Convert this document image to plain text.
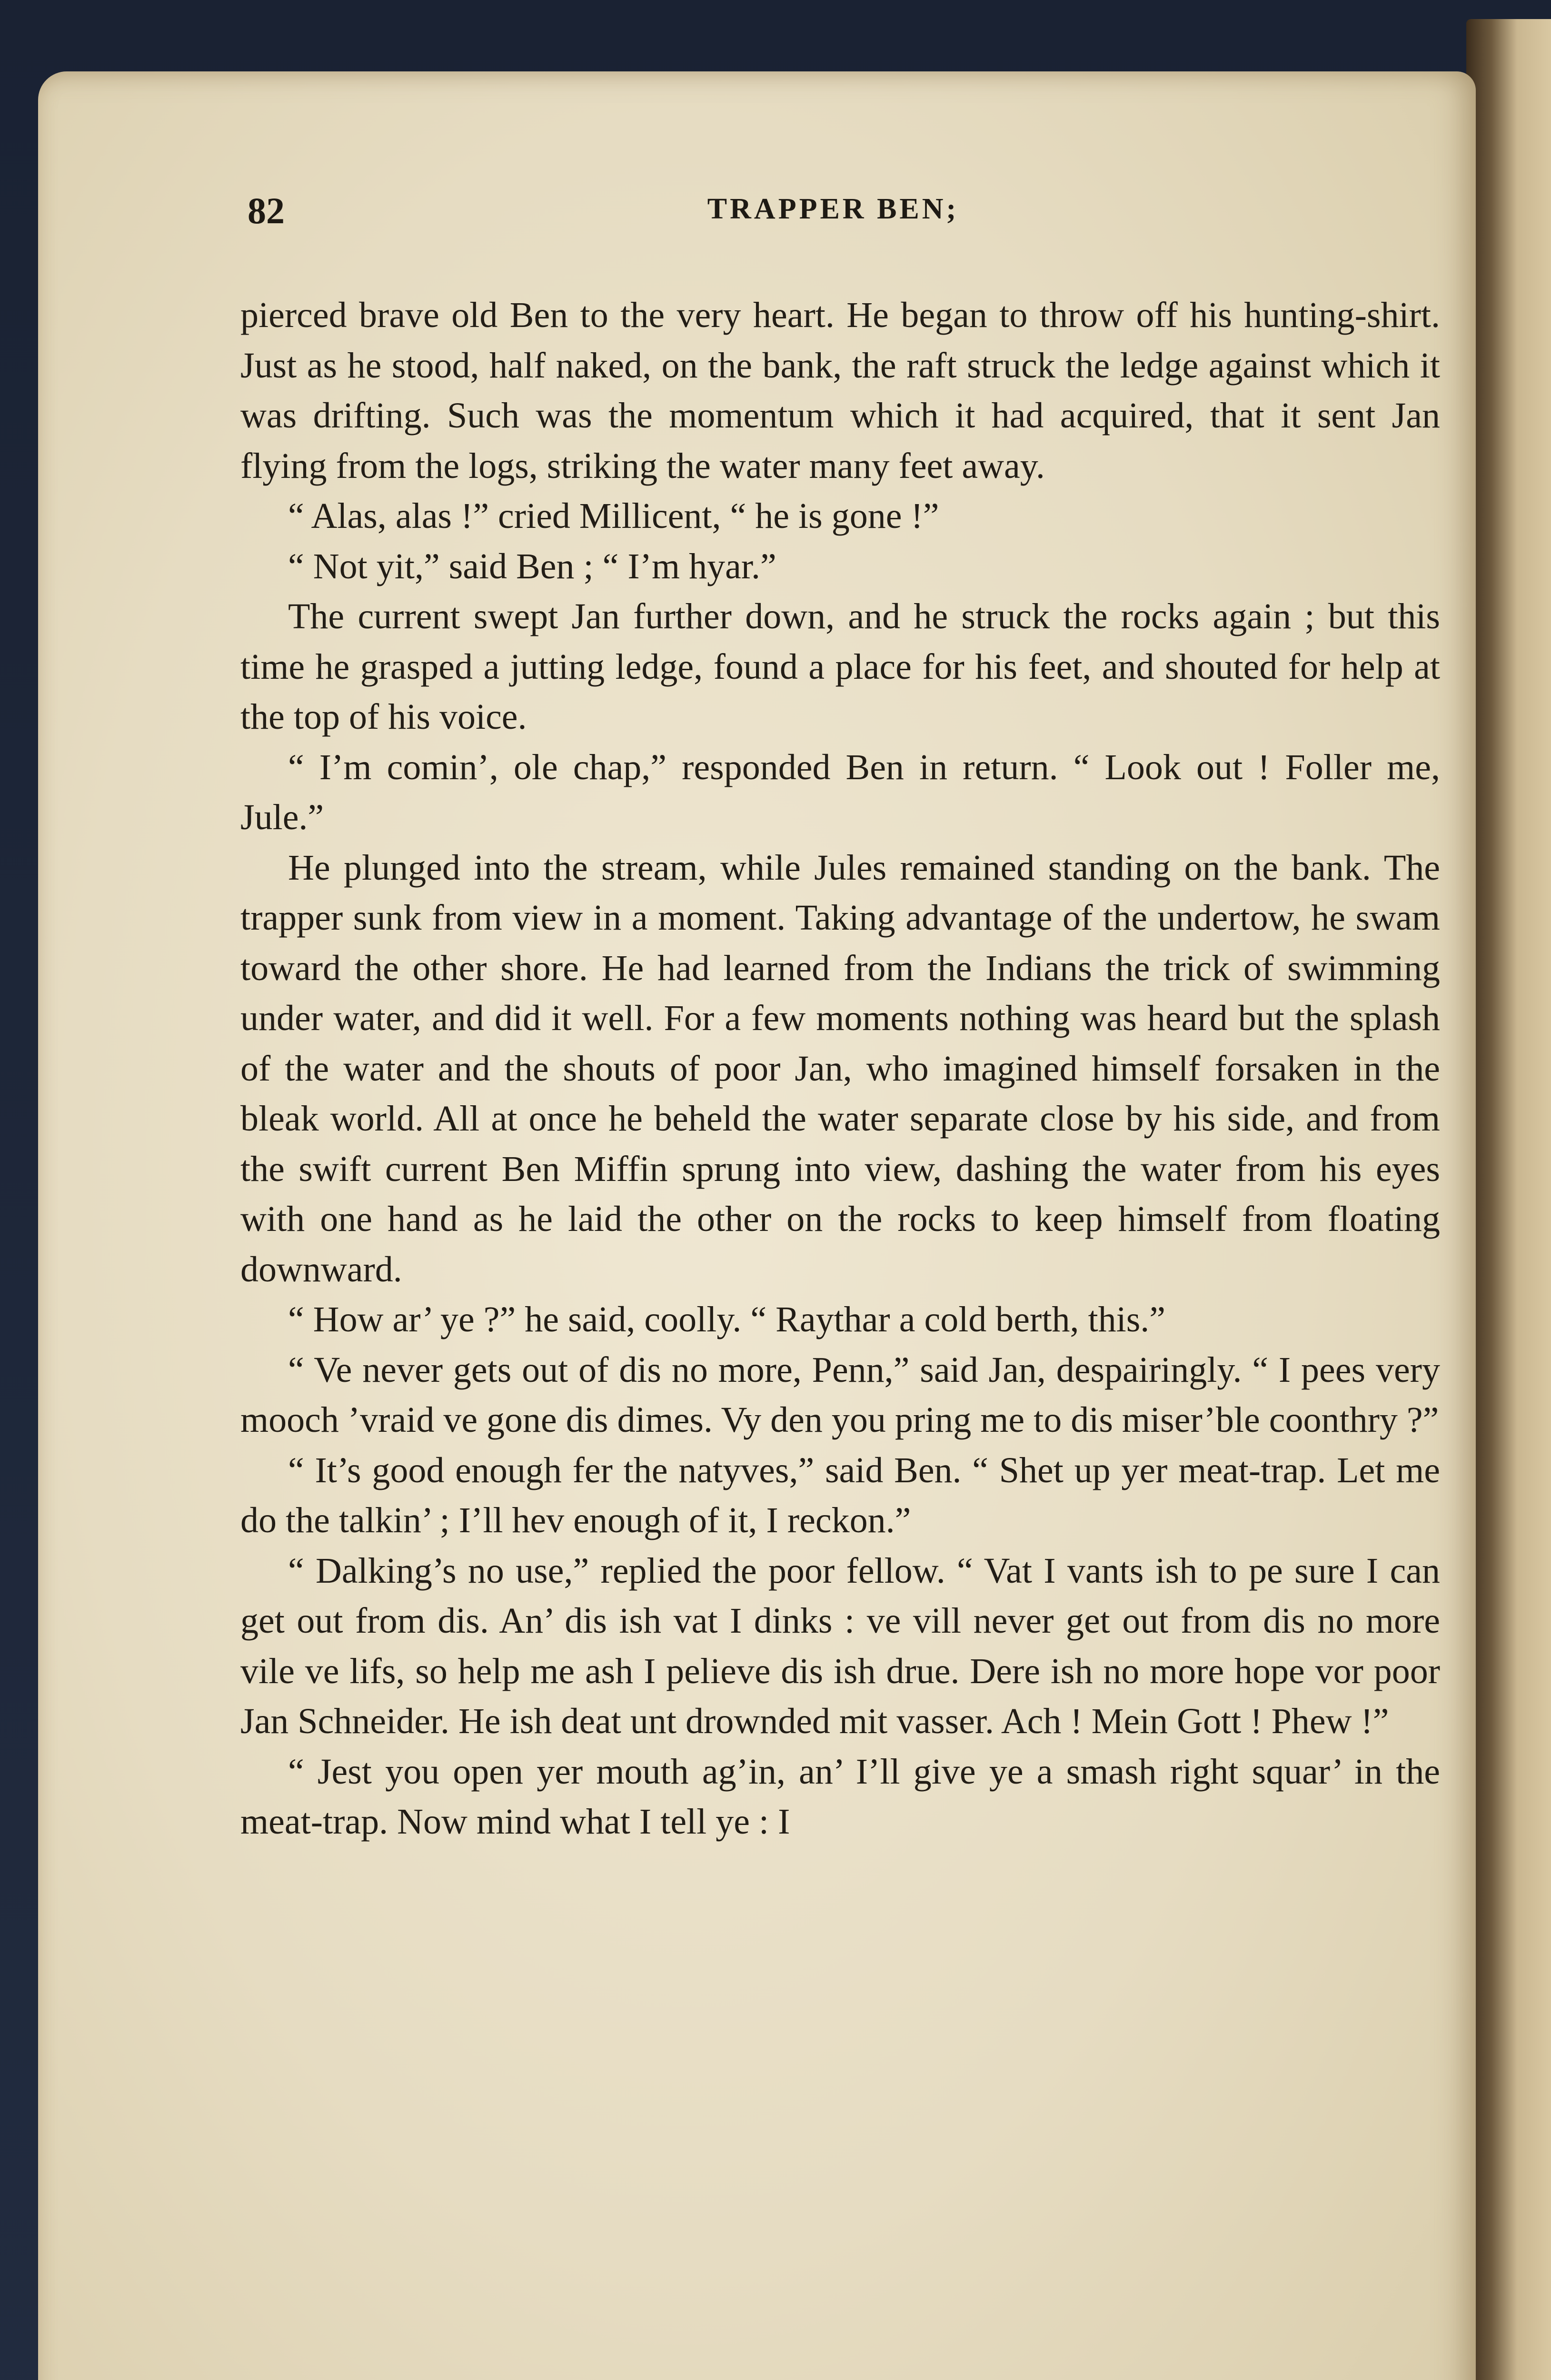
82	TRAPPER BEN;

pierced brave old Ben to the very heart. He began to throw off his hunting-shirt. Just as he stood, half naked, on the bank, the raft struck the ledge against which it was drifting. Such was the momentum which it had acquired, that it sent Jan flying from the logs, striking the water many feet away.

“ Alas, alas !” cried Millicent, “ he is gone !”

“ Not yit,” said Ben ; “ I’m hyar.”

The current swept Jan further down, and he struck the rocks again ; but this time he grasped a jutting ledge, found a place for his feet, and shouted for help at the top of his voice.

“ I’m comin’, ole chap,” responded Ben in return. “ Look out ! Foller me, Jule.”

He plunged into the stream, while Jules remained standing on the bank. The trapper sunk from view in a moment. Taking advantage of the undertow, he swam toward the other shore. He had learned from the Indians the trick of swimming under water, and did it well. For a few moments nothing was heard but the splash of the water and the shouts of poor Jan, who imagined himself forsaken in the bleak world. All at once he beheld the water separate close by his side, and from the swift current Ben Miffin sprung into view, dashing the water from his eyes with one hand as he laid the other on the rocks to keep himself from floating downward.

“ How ar’ ye ?” he said, coolly. “ Raythar a cold berth, this.”

“ Ve never gets out of dis no more, Penn,” said Jan, despairingly. “ I pees very mooch ’vraid ve gone dis dimes. Vy den you pring me to dis miser’ble coonthry ?”

“ It’s good enough fer the natyves,” said Ben. “ Shet up yer meat-trap. Let me do the talkin’ ; I’ll hev enough of it, I reckon.”

“ Dalking’s no use,” replied the poor fellow. “ Vat I vants ish to pe sure I can get out from dis. An’ dis ish vat I dinks : ve vill never get out from dis no more vile ve lifs, so help me ash I pelieve dis ish drue. Dere ish no more hope vor poor Jan Schneider. He ish deat unt drownded mit vasser. Ach ! Mein Gott ! Phew !”

“ Jest you open yer mouth ag’in, an’ I’ll give ye a smash right squar’ in the meat-trap. Now mind what I tell ye : I
